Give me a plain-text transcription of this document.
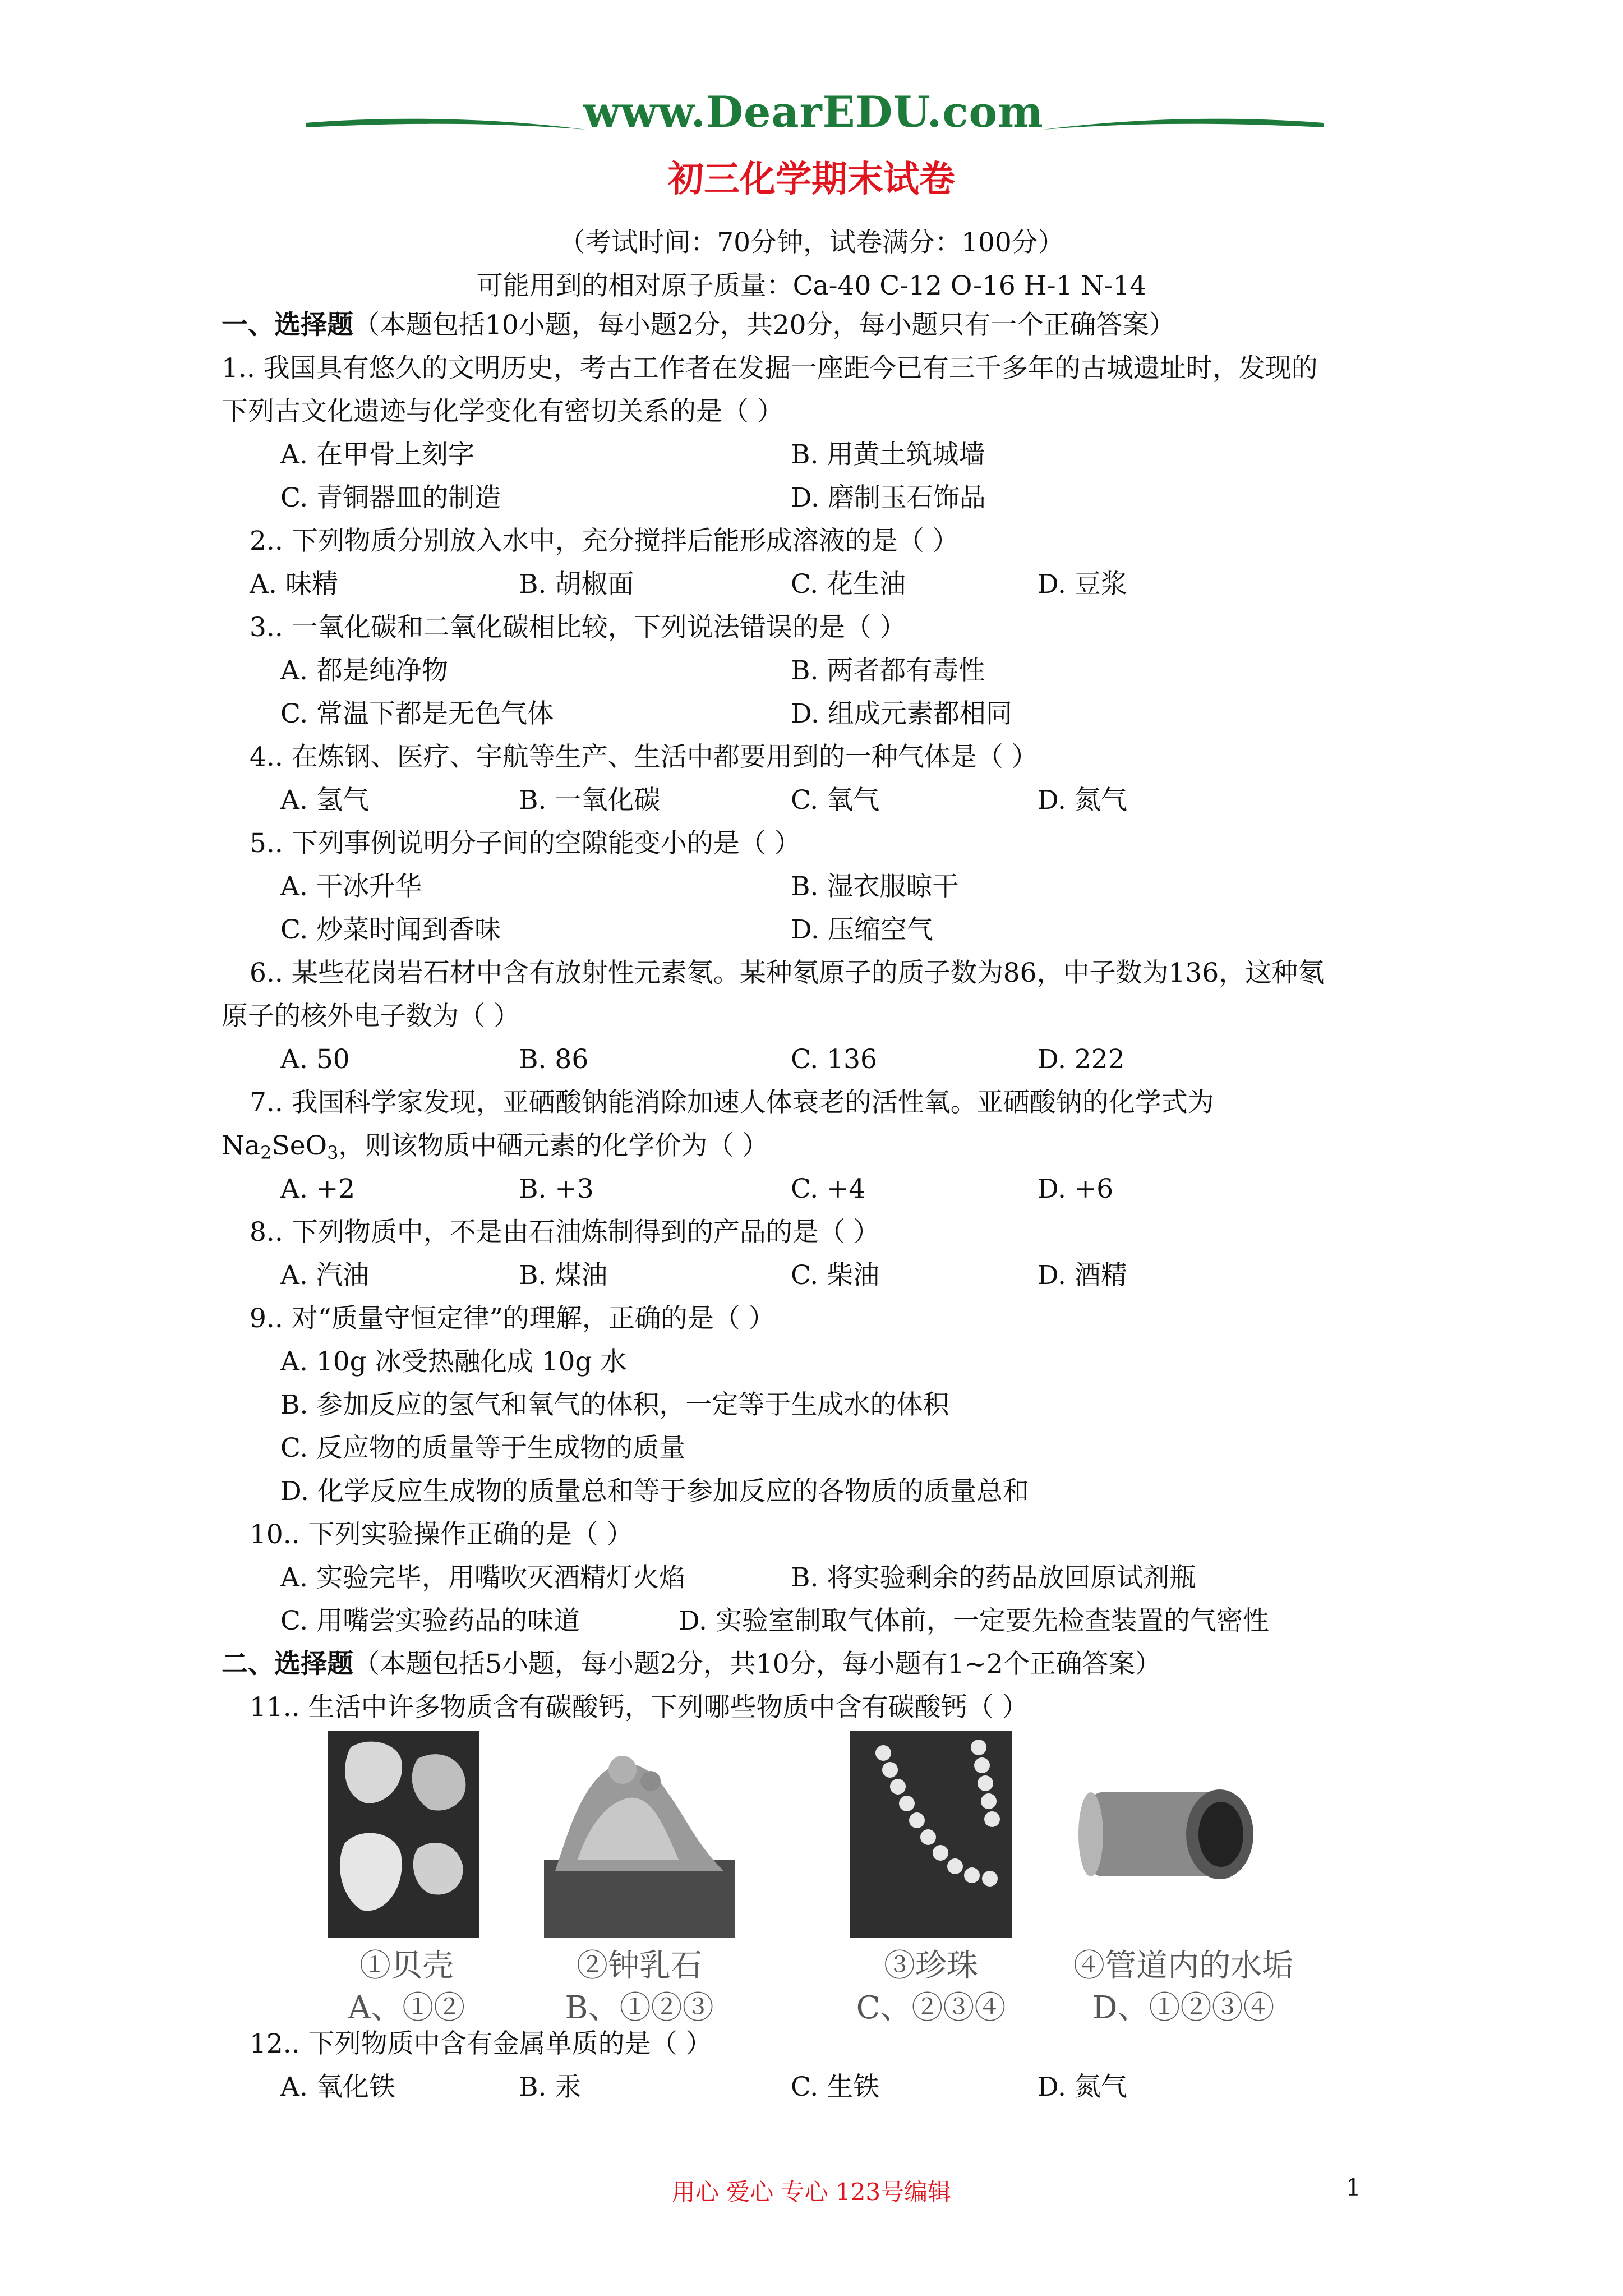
www.DearEDU.com
初三化学期末试卷
（考试时间：70分钟，试卷满分：100分）
可能用到的相对原子质量：Ca-40 C-12 O-16 H-1 N-14
一、选择题（本题包括10小题，每小题2分，共20分，每小题只有一个正确答案）
1.. 我国具有悠久的文明历史，考古工作者在发掘一座距今已有三千多年的古城遗址时，发现的
下列古文化遗迹与化学变化有密切关系的是（ ）
A. 在甲骨上刻字	B. 用黄土筑城墙
C. 青铜器皿的制造	D. 磨制玉石饰品
2.. 下列物质分别放入水中，充分搅拌后能形成溶液的是（ ）
A. 味精	B. 胡椒面	C. 花生油	D. 豆浆
3.. 一氧化碳和二氧化碳相比较，下列说法错误的是（ ）
A. 都是纯净物	B. 两者都有毒性
C. 常温下都是无色气体	D. 组成元素都相同
4.. 在炼钢、医疗、宇航等生产、生活中都要用到的一种气体是（ ）
A. 氢气	B. 一氧化碳	C. 氧气	D. 氮气
5.. 下列事例说明分子间的空隙能变小的是（ ）
A. 干冰升华	B. 湿衣服晾干
C. 炒菜时闻到香味	D. 压缩空气
6.. 某些花岗岩石材中含有放射性元素氡。某种氡原子的质子数为86，中子数为136，这种氡
原子的核外电子数为（ ）
A. 50	B. 86	C. 136	D. 222
7.. 我国科学家发现，亚硒酸钠能消除加速人体衰老的活性氧。亚硒酸钠的化学式为
$Na_2SeO_3$，则该物质中硒元素的化学价为（ ）
A. +2	B. +3	C. +4	D. +6
8.. 下列物质中，不是由石油炼制得到的产品的是（ ）
A. 汽油	B. 煤油	C. 柴油	D. 酒精
9.. 对“质量守恒定律”的理解，正确的是（ ）
A. 10g 冰受热融化成 10g 水
B. 参加反应的氢气和氧气的体积，一定等于生成水的体积
C. 反应物的质量等于生成物的质量
D. 化学反应生成物的质量总和等于参加反应的各物质的质量总和
10.. 下列实验操作正确的是（ ）
A. 实验完毕，用嘴吹灭酒精灯火焰	B. 将实验剩余的药品放回原试剂瓶
C. 用嘴尝实验药品的味道	D. 实验室制取气体前，一定要先检查装置的气密性
二、选择题（本题包括5小题，每小题2分，共10分，每小题有1~2个正确答案）
11.. 生活中许多物质含有碳酸钙，下列哪些物质中含有碳酸钙（ ）
①贝壳
A、①②
②钟乳石
B、①②③
③珍珠
C、②③④
④管道内的水垢
D、①②③④
12.. 下列物质中含有金属单质的是（ ）
A. 氧化铁	B. 汞	C. 生铁	D. 氮气
用心 爱心 专心 123号编辑	1
